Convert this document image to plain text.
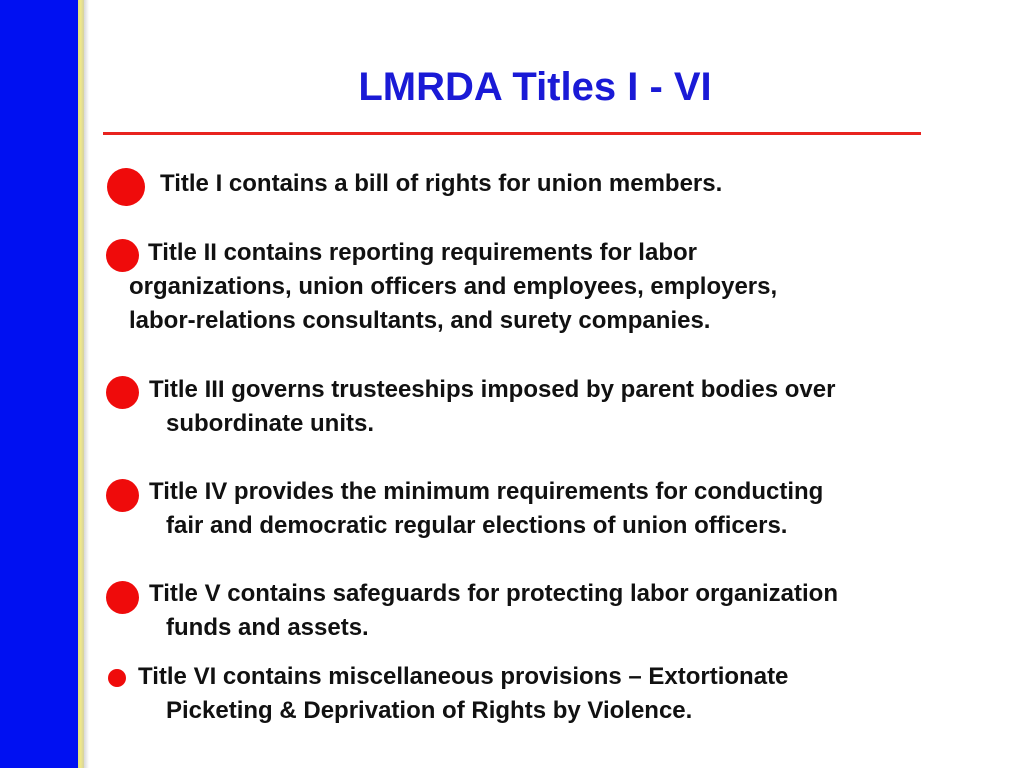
LMRDA Titles I - VI

Title I contains a bill of rights for union members.

Title II contains reporting requirements for labor

organizations, union officers and employees, employers,

labor-relations consultants, and surety companies.

Title III governs trusteeships imposed by parent bodies over

subordinate units.

Title IV provides the minimum requirements for conducting

fair and democratic regular elections of union officers.

Title V contains safeguards for protecting labor organization

funds and assets.

Title VI contains miscellaneous provisions – Extortionate

Picketing & Deprivation of Rights by Violence.
